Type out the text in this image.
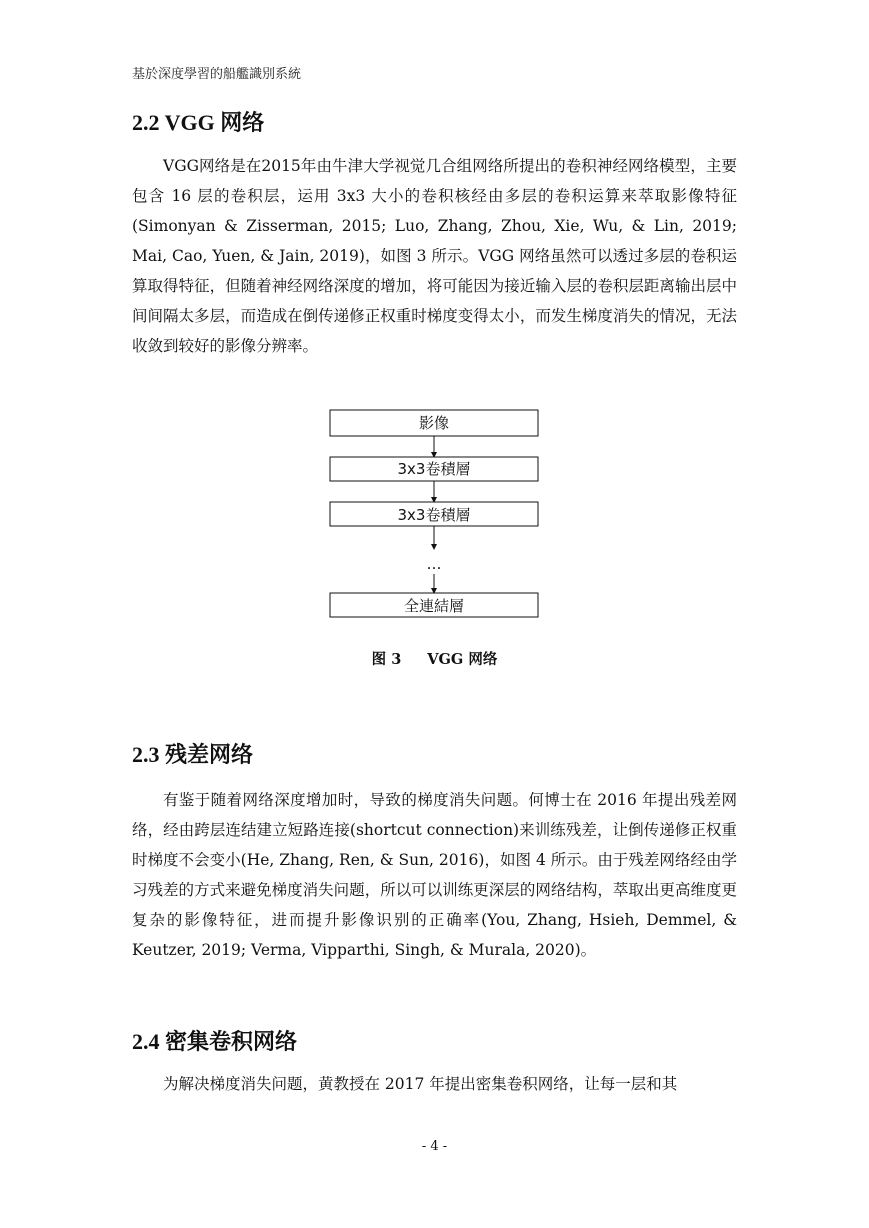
基於深度學習的船艦識別系統
2.2 VGG 网络

VGG网络是在2015年由牛津大学视觉几合组网络所提出的卷积神经网络模型，主要包含 16 层的卷积层，运用 3x3 大小的卷积核经由多层的卷积运算来萃取影像特征(Simonyan & Zisserman, 2015; Luo, Zhang, Zhou, Xie, Wu, & Lin, 2019; Mai, Cao, Yuen, & Jain, 2019)，如图 3 所示。VGG 网络虽然可以透过多层的卷积运算取得特征，但随着神经网络深度的增加，将可能因为接近输入层的卷积层距离输出层中间间隔太多层，而造成在倒传递修正权重时梯度变得太小，而发生梯度消失的情况，无法收敛到较好的影像分辨率。

影像
3x3卷積層
3x3卷積層
…
全連結層
图 3 VGG 网络
2.3 残差网络

有鉴于随着网络深度增加时，导致的梯度消失问题。何博士在 2016 年提出残差网络，经由跨层连结建立短路连接(shortcut connection)来训练残差，让倒传递修正权重时梯度不会变小(He, Zhang, Ren, & Sun, 2016)，如图 4 所示。由于残差网络经由学习残差的方式来避免梯度消失问题，所以可以训练更深层的网络结构，萃取出更高维度更复杂的影像特征，进而提升影像识别的正确率(You, Zhang, Hsieh, Demmel, & Keutzer, 2019; Verma, Vipparthi, Singh, & Murala, 2020)。

2.4 密集卷积网络

为解决梯度消失问题，黄教授在 2017 年提出密集卷积网络，让每一层和其

- 4 -
